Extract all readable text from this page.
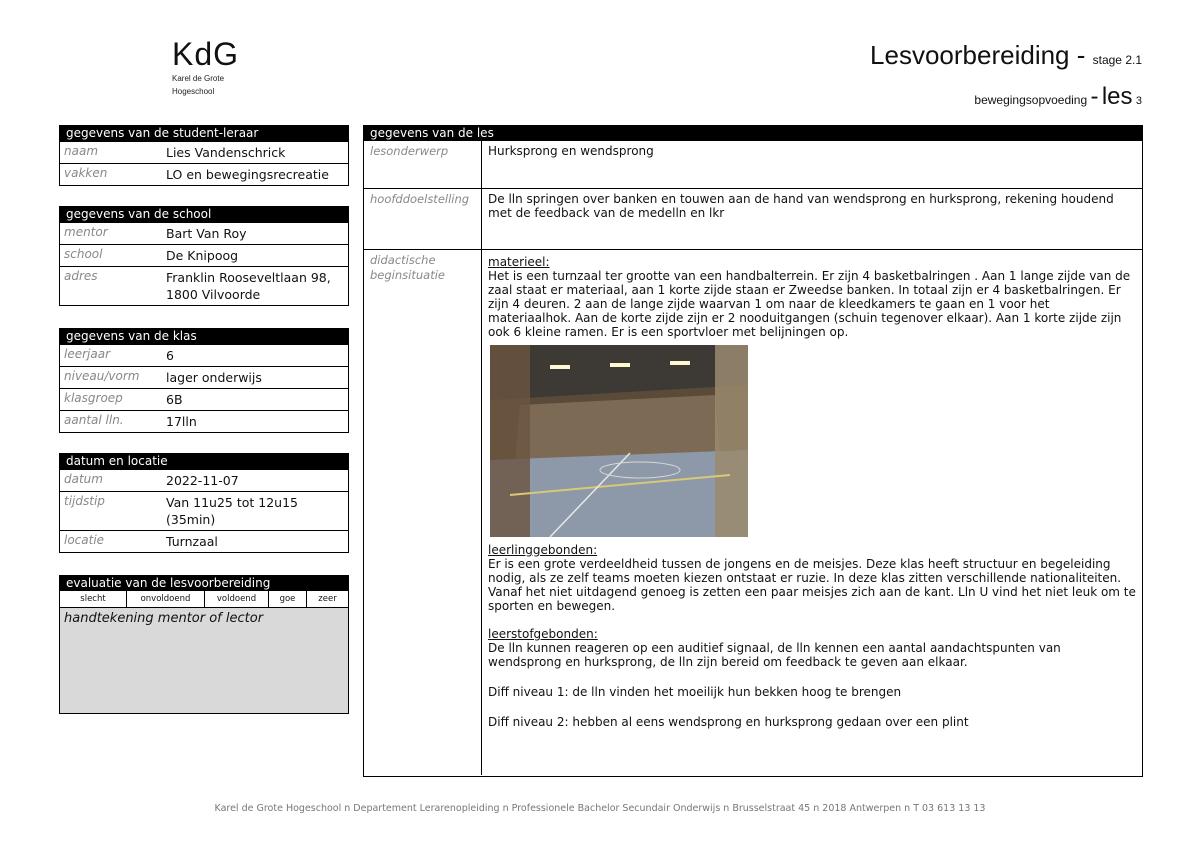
KdG
Karel de Grote
Hogeschool
Lesvoorbereiding - stage 2.1
bewegingsopvoeding - les 3
gegevens van de student-leraar
naam	Lies Vandenschrick
vakken	LO en bewegingsrecreatie
gegevens van de school
mentor	Bart Van Roy
school	De Knipoog
adres	Franklin Rooseveltlaan 98, 1800 Vilvoorde
gegevens van de klas
leerjaar	6
niveau/vorm	lager onderwijs
klasgroep	6B
aantal lln.	17lln
datum en locatie
datum	2022-11-07
tijdstip	Van 11u25 tot 12u15 (35min)
locatie	Turnzaal
evaluatie van de lesvoorbereiding
slecht	onvoldoend	voldoend	goe	zeer
handtekening mentor of lector
gegevens van de les
lesonderwerp	Hurksprong en wendsprong
hoofddoelstelling	De lln springen over banken en touwen aan de hand van wendsprong en hurksprong, rekening houdend met de feedback van de medelln en lkr
didactische beginsituatie
materieel:

Het is een turnzaal ter grootte van een handbalterrein. Er zijn 4 basketbalringen . Aan 1 lange zijde van de zaal staat er materiaal, aan 1 korte zijde staan er Zweedse banken. In totaal zijn er 4 basketbalringen. Er zijn 4 deuren. 2 aan de lange zijde waarvan 1 om naar de kleedkamers te gaan en 1 voor het materiaalhok. Aan de korte zijde zijn er 2 nooduitgangen (schuin tegenover elkaar). Aan 1 korte zijde zijn ook 6 kleine ramen. Er is een sportvloer met belijningen op.

leerlinggebonden:

Er is een grote verdeeldheid tussen de jongens en de meisjes. Deze klas heeft structuur en begeleiding nodig, als ze zelf teams moeten kiezen ontstaat er ruzie. In deze klas zitten verschillende nationaliteiten. Vanaf het niet uitdagend genoeg is zetten een paar meisjes zich aan de kant. Lln U vind het niet leuk om te sporten en bewegen.

leerstofgebonden:

De lln kunnen reageren op een auditief signaal, de lln kennen een aantal aandachtspunten van wendsprong en hurksprong, de lln zijn bereid om feedback te geven aan elkaar.

Diff niveau 1: de lln vinden het moeilijk hun bekken hoog te brengen

Diff niveau 2: hebben al eens wendsprong en hurksprong gedaan over een plint

Karel de Grote Hogeschool n Departement Lerarenopleiding n Professionele Bachelor Secundair Onderwijs n Brusselstraat 45 n 2018 Antwerpen n T 03 613 13 13
